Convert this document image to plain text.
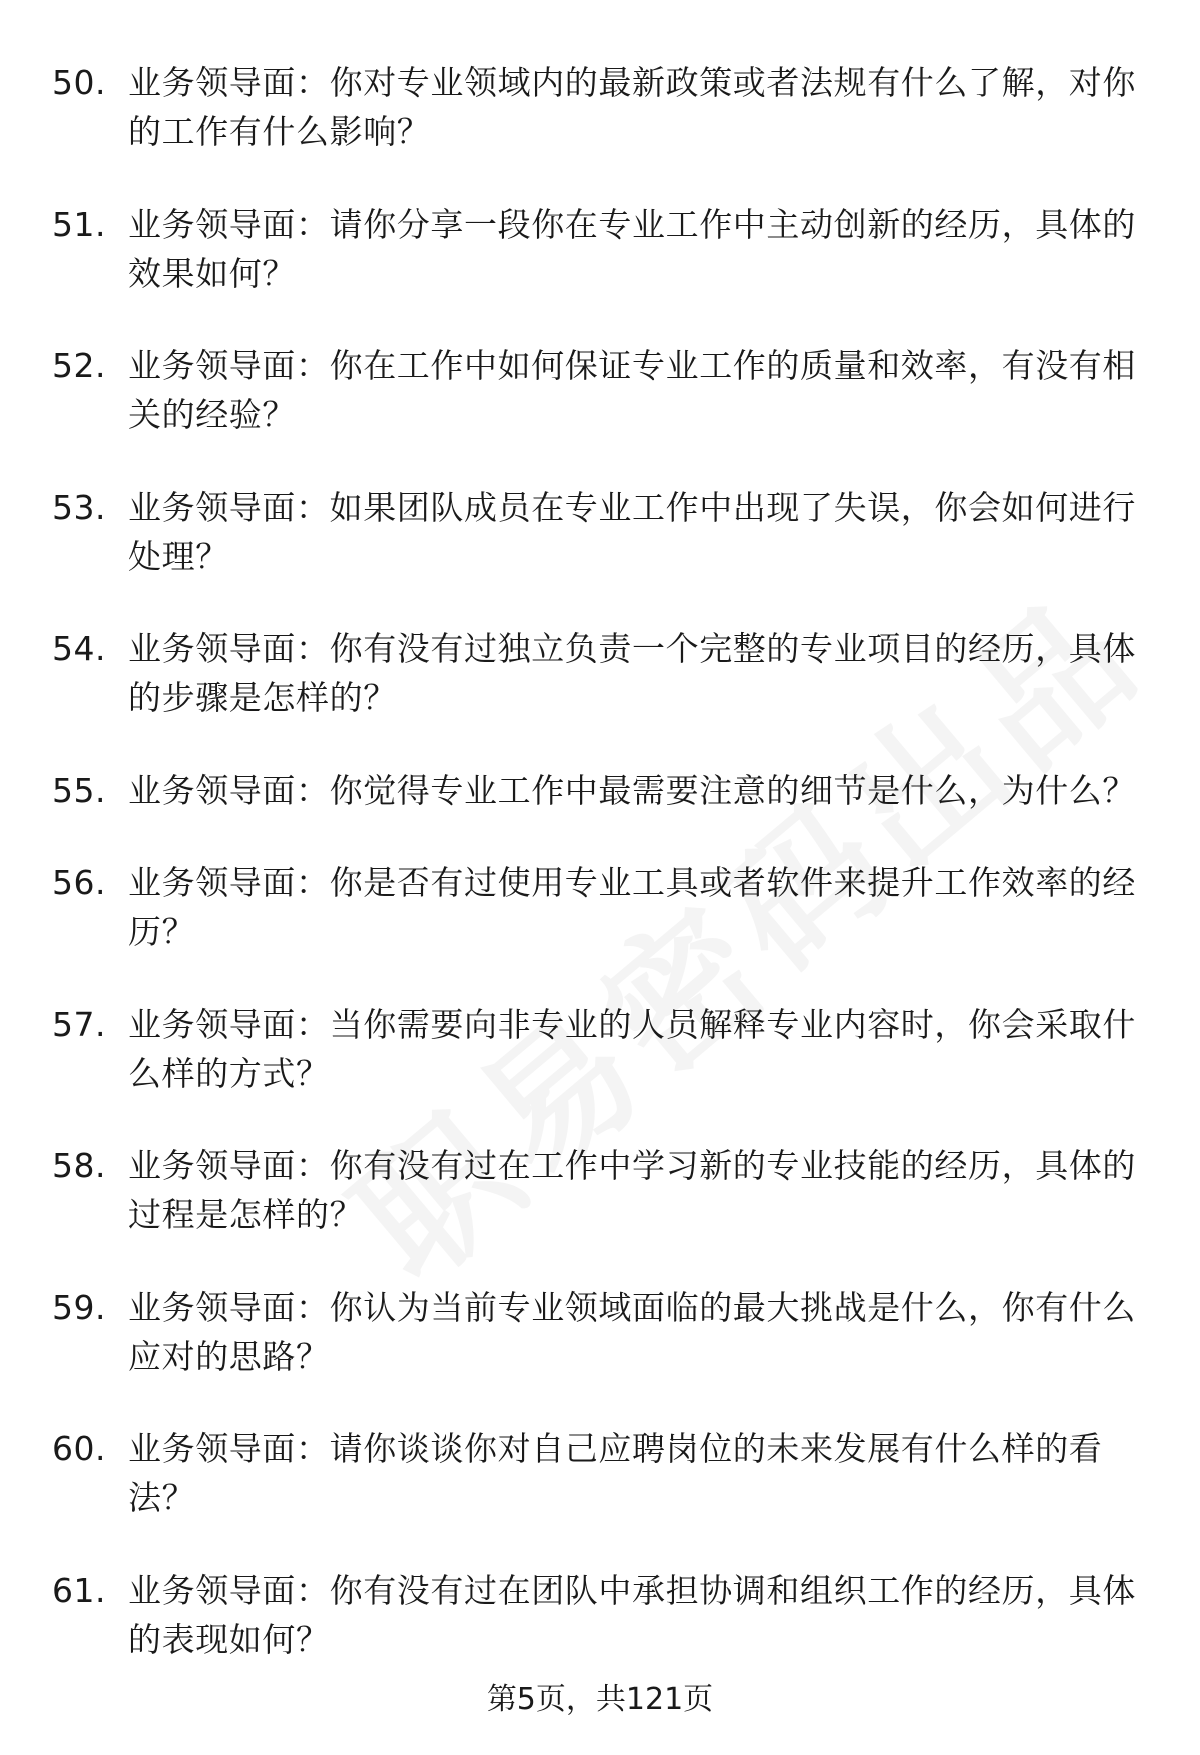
50. 业务领导面：你对专业领域内的最新政策或者法规有什么了解，对你的工作有什么影响？
51. 业务领导面：请你分享一段你在专业工作中主动创新的经历，具体的效果如何？
52. 业务领导面：你在工作中如何保证专业工作的质量和效率，有没有相关的经验？
53. 业务领导面：如果团队成员在专业工作中出现了失误，你会如何进行处理？
54. 业务领导面：你有没有过独立负责一个完整的专业项目的经历，具体的步骤是怎样的？
55. 业务领导面：你觉得专业工作中最需要注意的细节是什么，为什么？
56. 业务领导面：你是否有过使用专业工具或者软件来提升工作效率的经历？
57. 业务领导面：当你需要向非专业的人员解释专业内容时，你会采取什么样的方式？
58. 业务领导面：你有没有过在工作中学习新的专业技能的经历，具体的过程是怎样的？
59. 业务领导面：你认为当前专业领域面临的最大挑战是什么，你有什么应对的思路？
60. 业务领导面：请你谈谈你对自己应聘岗位的未来发展有什么样的看法？
61. 业务领导面：你有没有过在团队中承担协调和组织工作的经历，具体的表现如何？
第5页，共121页
